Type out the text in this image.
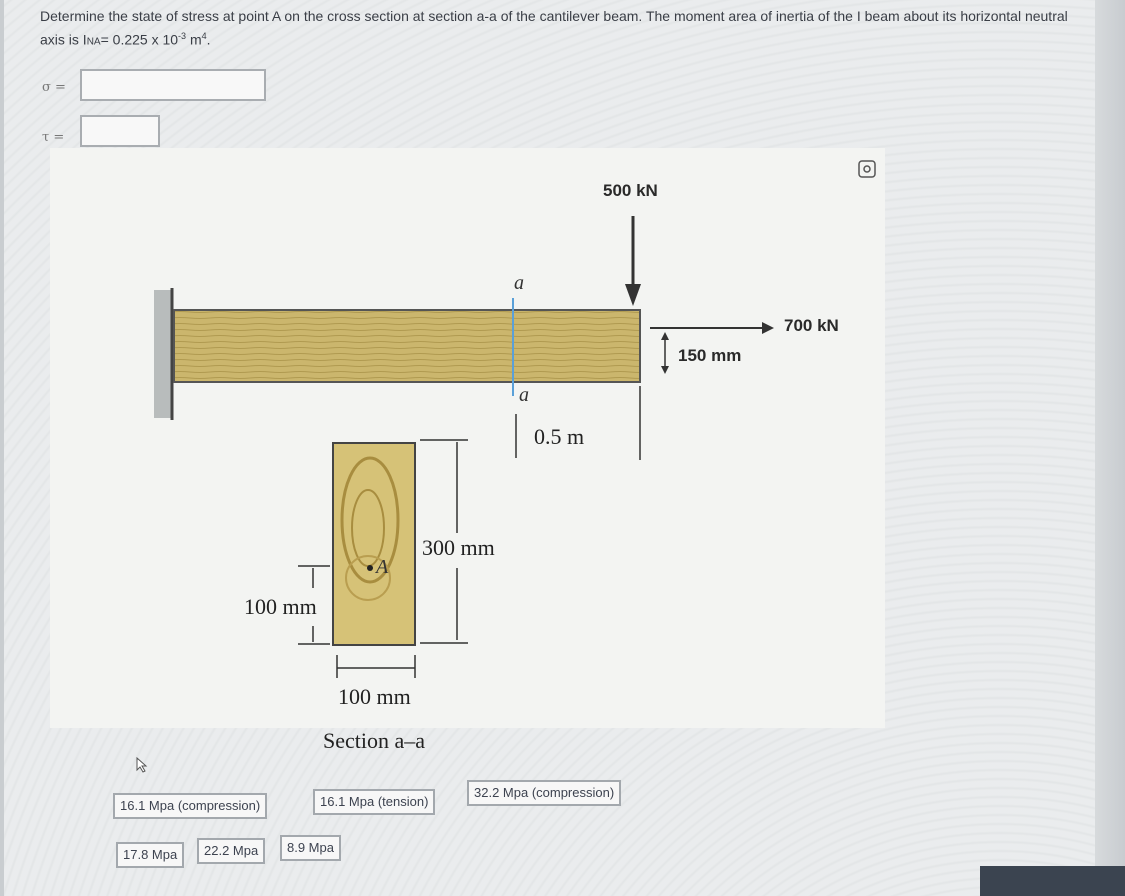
Determine the state of stress at point A on the cross section at section a-a of the cantilever beam. The moment area of inertia of the I beam about its horizontal neutral axis is INA= 0.225 x $10^{-3}$ $m^4$.

σ =
τ =
500 kN
700 kN
150 mm
a
a
0.5 m
300 mm
A
100 mm
100 mm
Section a–a
16.1 Mpa (compression)	16.1 Mpa (tension)
32.2 Mpa (compression)
17.8 Mpa	22.2 Mpa	8.9 Mpa
